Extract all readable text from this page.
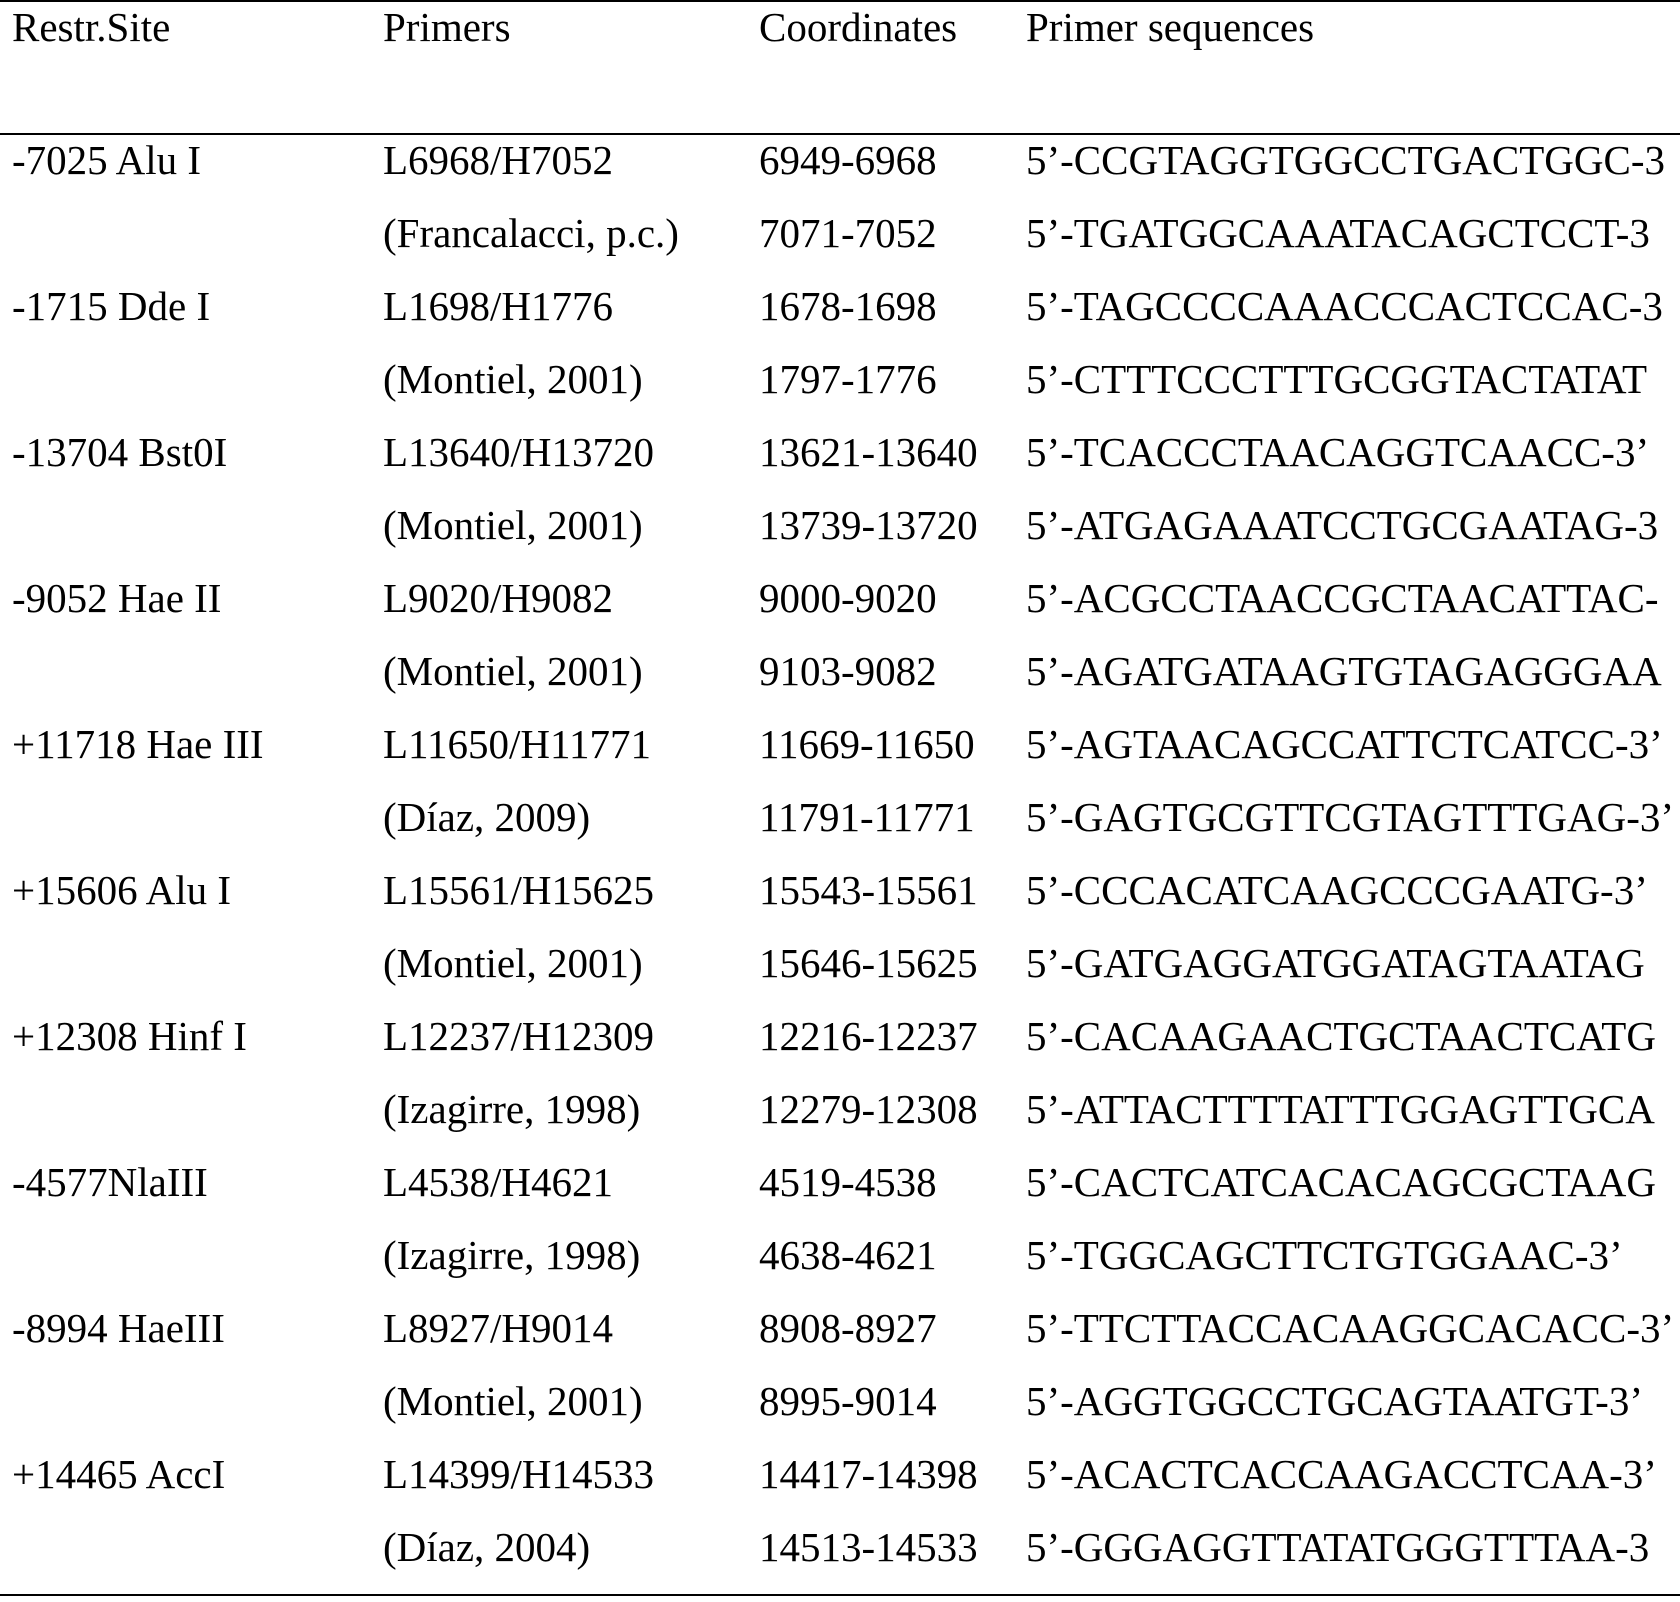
Restr.Site	Primers	Coordinates Primer sequences
-7025 Alu I	L6968/H7052	6949-6968 5’-CCGTAGGTGGCCTGACTGGC-3
(Francalacci, p.c.) 7071-7052 5’-TGATGGCAAATACAGCTCCT-3
-1715 Dde I	L1698/H1776	1678-1698 5’-TAGCCCCAAACCCACTCCAC-3
(Montiel, 2001)	1797-1776 5’-CTTTCCCTTTGCGGTACTATAT
-13704 Bst0I	L13640/H13720	13621-13640 5’-TCACCCTAACAGGTCAACC-3’
(Montiel, 2001)	13739-13720 5’-ATGAGAAATCCTGCGAATAG-3
-9052 Hae II	L9020/H9082	9000-9020 5’-ACGCCTAACCGCTAACATTAC-
(Montiel, 2001)	9103-9082 5’-AGATGATAAGTGTAGAGGGAA
+11718 Hae III	L11650/H11771	11669-11650 5’-AGTAACAGCCATTCTCATCC-3’
(Díaz, 2009)	11791-11771 5’-GAGTGCGTTCGTAGTTTGAG-3’
+15606 Alu I	L15561/H15625	15543-15561 5’-CCCACATCAAGCCCGAATG-3’
(Montiel, 2001)	15646-15625 5’-GATGAGGATGGATAGTAATAG
+12308 Hinf I	L12237/H12309	12216-12237 5’-CACAAGAACTGCTAACTCATG
(Izagirre, 1998)	12279-12308 5’-ATTACTTTTATTTGGAGTTGCA
-4577NlaIII	L4538/H4621	4519-4538 5’-CACTCATCACACAGCGCTAAG
(Izagirre, 1998)	4638-4621 5’-TGGCAGCTTCTGTGGAAC-3’
-8994 HaeIII	L8927/H9014	8908-8927 5’-TTCTTACCACAAGGCACACC-3’
(Montiel, 2001)	8995-9014 5’-AGGTGGCCTGCAGTAATGT-3’
+14465 AccI	L14399/H14533	14417-14398 5’-ACACTCACCAAGACCTCAA-3’
(Díaz, 2004)	14513-14533 5’-GGGAGGTTATATGGGTTTAA-3
